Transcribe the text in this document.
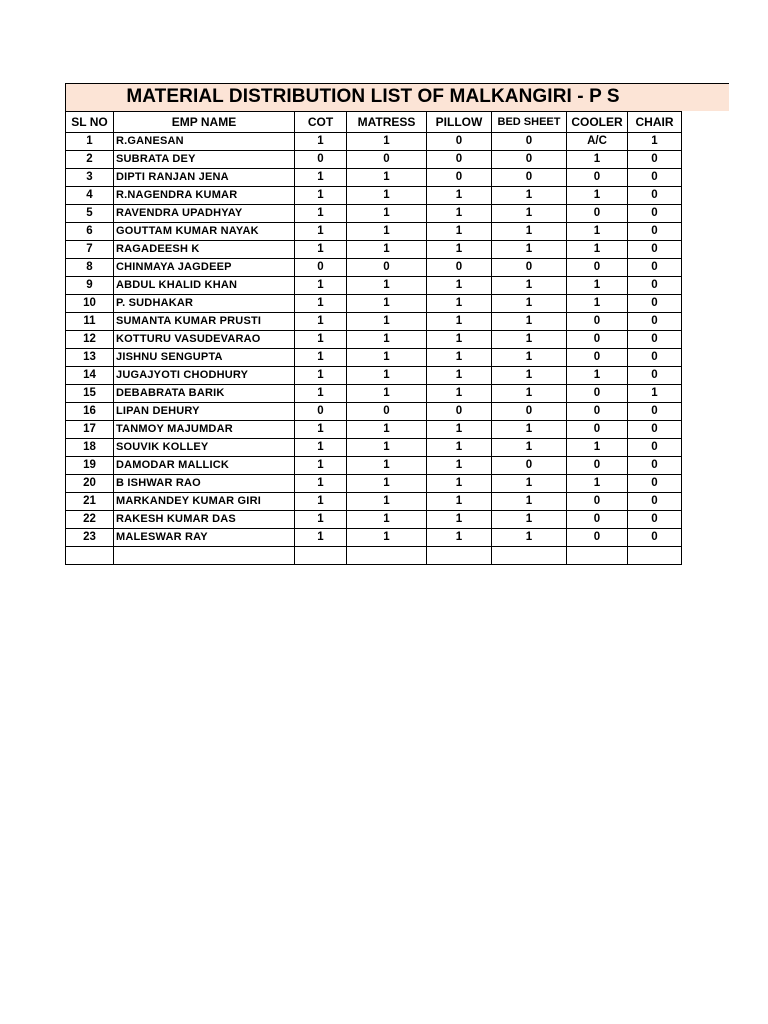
MATERIAL DISTRIBUTION LIST OF MALKANGIRI - P S
SL NO	EMP NAME	COT	MATRESS	PILLOW	BED SHEET	COOLER	CHAIR
1	R.GANESAN	1	1	0	0	A/C	1
2	SUBRATA DEY	0	0	0	0	1	0
3	DIPTI RANJAN JENA	1	1	0	0	0	0
4	R.NAGENDRA KUMAR	1	1	1	1	1	0
5	RAVENDRA UPADHYAY	1	1	1	1	0	0
6	GOUTTAM KUMAR NAYAK	1	1	1	1	1	0
7	RAGADEESH K	1	1	1	1	1	0
8	CHINMAYA JAGDEEP	0	0	0	0	0	0
9	ABDUL KHALID KHAN	1	1	1	1	1	0
10	P. SUDHAKAR	1	1	1	1	1	0
11	SUMANTA KUMAR PRUSTI	1	1	1	1	0	0
12	KOTTURU VASUDEVARAO	1	1	1	1	0	0
13	JISHNU SENGUPTA	1	1	1	1	0	0
14	JUGAJYOTI CHODHURY	1	1	1	1	1	0
15	DEBABRATA BARIK	1	1	1	1	0	1
16	LIPAN DEHURY	0	0	0	0	0	0
17	TANMOY MAJUMDAR	1	1	1	1	0	0
18	SOUVIK KOLLEY	1	1	1	1	1	0
19	DAMODAR MALLICK	1	1	1	0	0	0
20	B ISHWAR RAO	1	1	1	1	1	0
21	MARKANDEY KUMAR GIRI	1	1	1	1	0	0
22	RAKESH KUMAR DAS	1	1	1	1	0	0
23	MALESWAR RAY	1	1	1	1	0	0
